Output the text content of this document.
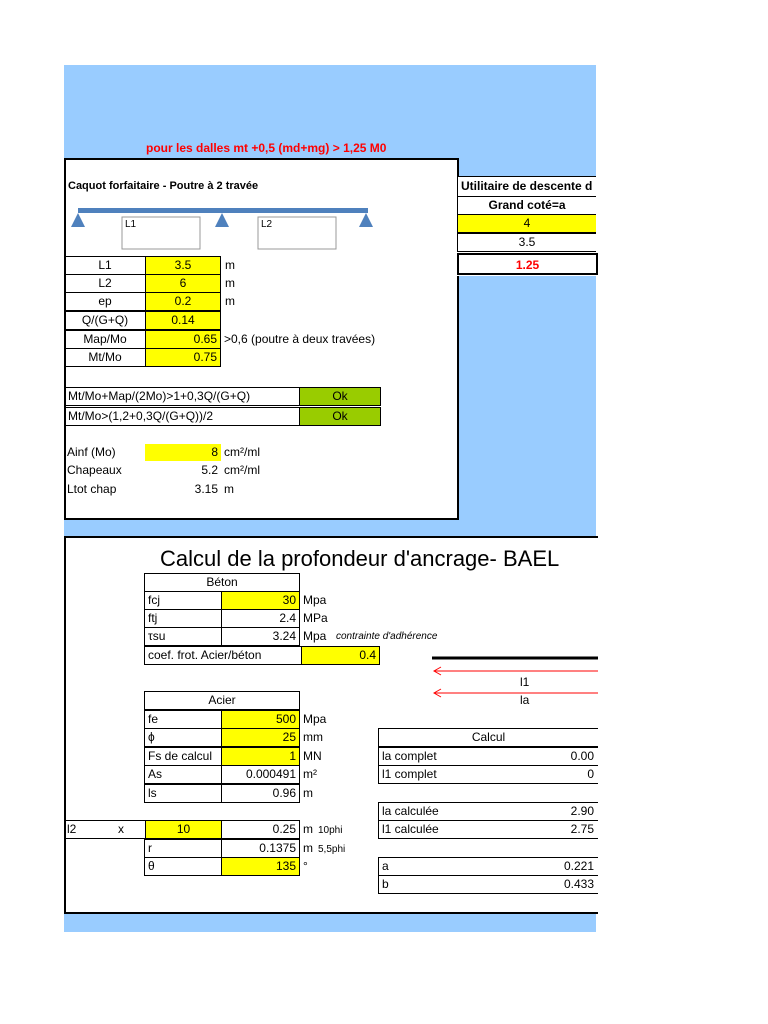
pour les dalles mt +0,5 (md+mg) > 1,25 M0
Caquot forfaitaire - Poutre à 2 travée
L1	L2
L1	3.5	m
L2	6	m
ep	0.2	m
Q/(G+Q)	0.14
Map/Mo	0.65 >0,6 (poutre à deux travées)
Mt/Mo	0.75
Mt/Mo+Map/(2Mo)>1+0,3Q/(G+Q)	Ok
Mt/Mo>(1,2+0,3Q/(G+Q))/2	Ok
Ainf (Mo)	8 cm²/ml
Chapeaux	5.2 cm²/ml
Ltot chap	3.15 m
Utilitaire de descente d
Grand coté=a
4
3.5
1.25
Calcul de la profondeur d'ancrage- BAEL
Béton
fcj	30 Mpa
ftj	2.4 MPa
τsu	3.24 Mpa contrainte d'adhérence
coef. frot. Acier/béton	0.4
l1
la
Acier
fe	500 Mpa
ϕ	25 mm
Fs de calcul	1 MN
As	0.000491 m²
ls	0.96 m
l2	x	10	0.25 m 10phi
r	0.1375 m 5,5phi
θ	135 °
Calcul
la complet	0.00
l1 complet	0
la calculée	2.90
l1 calculée	2.75
a	0.221
b	0.433
